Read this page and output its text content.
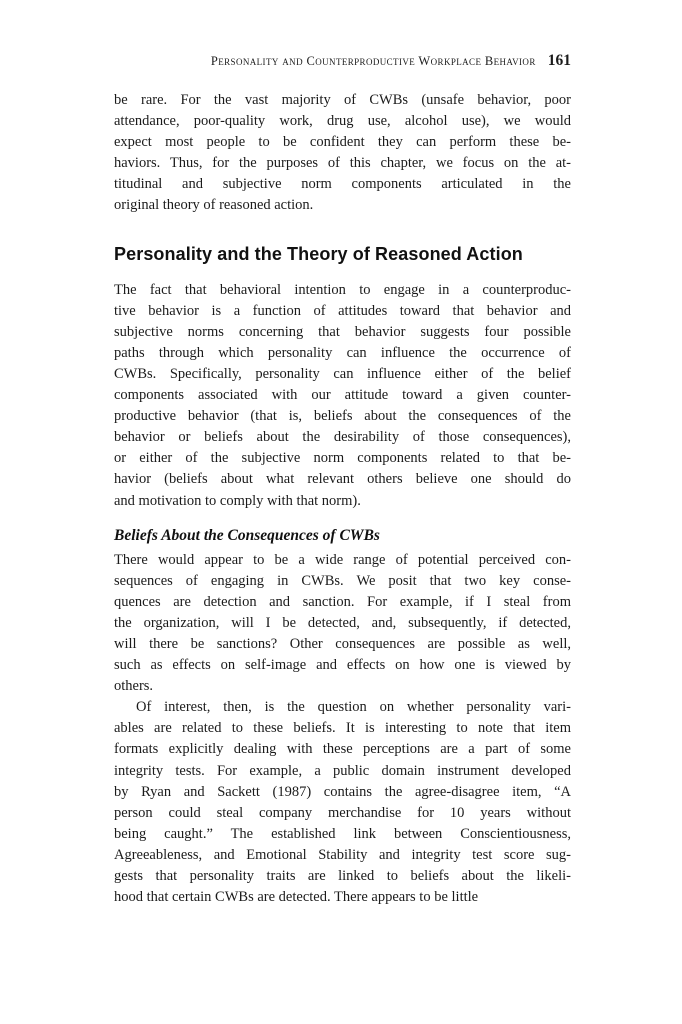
Personality and Counterproductive Workplace Behavior 161
be rare. For the vast majority of CWBs (unsafe behavior, poor
attendance, poor-quality work, drug use, alcohol use), we would
expect most people to be confident they can perform these be-
haviors. Thus, for the purposes of this chapter, we focus on the at-
titudinal and subjective norm components articulated in the
original theory of reasoned action.
Personality and the Theory of Reasoned Action
The fact that behavioral intention to engage in a counterproduc-
tive behavior is a function of attitudes toward that behavior and
subjective norms concerning that behavior suggests four possible
paths through which personality can influence the occurrence of
CWBs. Specifically, personality can influence either of the belief
components associated with our attitude toward a given counter-
productive behavior (that is, beliefs about the consequences of the
behavior or beliefs about the desirability of those consequences),
or either of the subjective norm components related to that be-
havior (beliefs about what relevant others believe one should do
and motivation to comply with that norm).
Beliefs About the Consequences of CWBs
There would appear to be a wide range of potential perceived con-
sequences of engaging in CWBs. We posit that two key conse-
quences are detection and sanction. For example, if I steal from
the organization, will I be detected, and, subsequently, if detected,
will there be sanctions? Other consequences are possible as well,
such as effects on self-image and effects on how one is viewed by
others.
Of interest, then, is the question on whether personality vari-
ables are related to these beliefs. It is interesting to note that item
formats explicitly dealing with these perceptions are a part of some
integrity tests. For example, a public domain instrument developed
by Ryan and Sackett (1987) contains the agree-disagree item, “A
person could steal company merchandise for 10 years without
being caught.” The established link between Conscientiousness,
Agreeableness, and Emotional Stability and integrity test score sug-
gests that personality traits are linked to beliefs about the likeli-
hood that certain CWBs are detected. There appears to be little
